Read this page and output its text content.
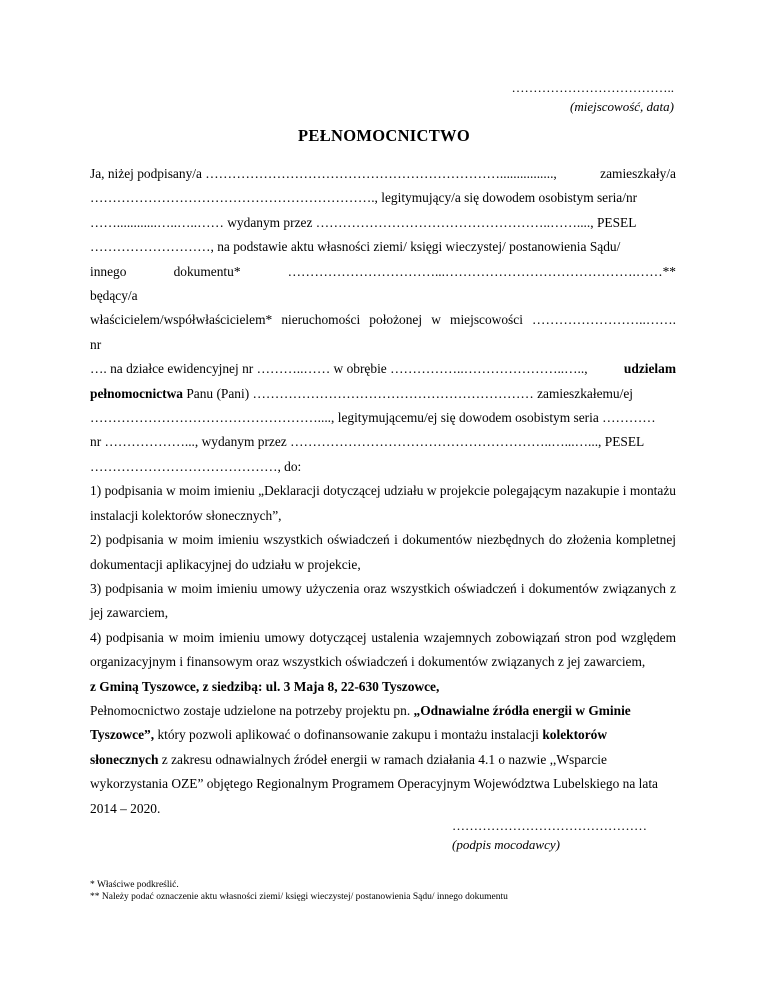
………………………………..
(miejscowość, data)
PEŁNOMOCNICTWO
Ja, niżej podpisany/a …………………………………………………………................,	zamieszkały/a
………………………………………………………., legitymujący/a się dowodem osobistym seria/nr
……............…..…..…… wydanym przez ……………………………………………..……...., PESEL
………………………, na podstawie aktu własności ziemi/ księgi wieczystej/ postanowienia Sądu/
innego	dokumentu*	……………………………...…………………………………….……**
będący/a
właścicielem/współwłaścicielem* nieruchomości położonej w miejscowości ……………………..…….
nr
…. na działce ewidencyjnej nr ………..…… w obrębie ……………..…………………..…..,	udzielam
pełnomocnictwa Panu (Pani) ……………………………………………………… zamieszkałemu/ej
……………………………………………...., legitymującemu/ej się dowodem osobistym seria …………
nr ………………..., wydanym przez …………………………………………………..…...…..., PESEL
……………………………………, do:
1) podpisania w moim imieniu „Deklaracji dotyczącej udziału w projekcie polegającym nazakupie i montażu instalacji kolektorów słonecznych”,
2) podpisania w moim imieniu wszystkich oświadczeń i dokumentów niezbędnych do złożenia kompletnej dokumentacji aplikacyjnej do udziału w projekcie,
3) podpisania w moim imieniu umowy użyczenia oraz wszystkich oświadczeń i dokumentów związanych z jej zawarciem,
4) podpisania w moim imieniu umowy dotyczącej ustalenia wzajemnych zobowiązań stron pod względem organizacyjnym i finansowym oraz wszystkich oświadczeń i dokumentów związanych z jej zawarciem,
z Gminą Tyszowce, z siedzibą: ul. 3 Maja 8, 22-630 Tyszowce,
Pełnomocnictwo zostaje udzielone na potrzeby projektu pn. „Odnawialne źródła energii w Gminie Tyszowce”, który pozwoli aplikować o dofinansowanie zakupu i montażu instalacji kolektorów słonecznych z zakresu odnawialnych źródeł energii w ramach działania 4.1 o nazwie ,,Wsparcie wykorzystania OZE” objętego Regionalnym Programem Operacyjnym Województwa Lubelskiego na lata 2014 – 2020.
………………………………………
(podpis mocodawcy)
* Właściwe podkreślić.
** Należy podać oznaczenie aktu własności ziemi/ księgi wieczystej/ postanowienia Sądu/ innego dokumentu
